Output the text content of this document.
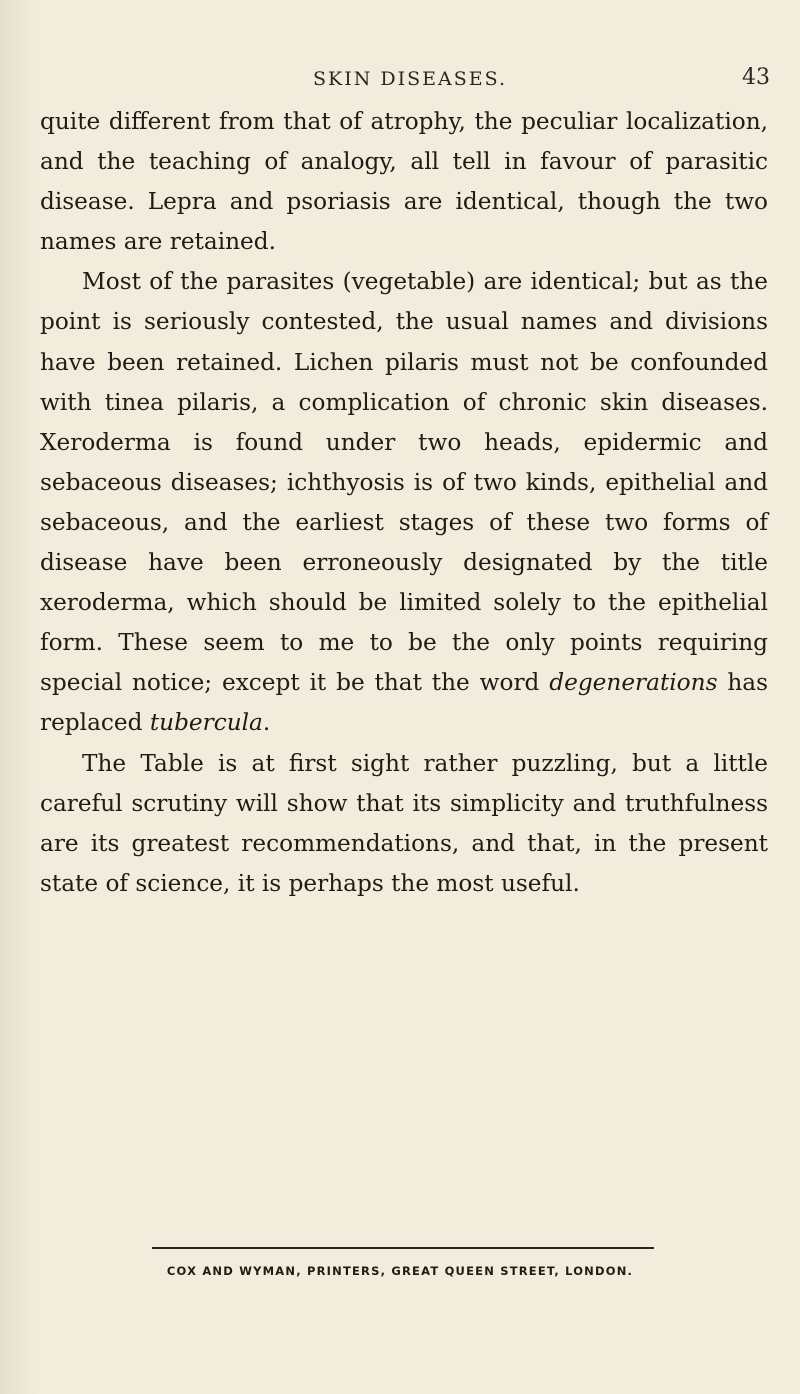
SKIN DISEASES.	43

quite different from that of atrophy, the peculiar localization, and the teaching of analogy, all tell in favour of parasitic disease. Lepra and psoriasis are identical, though the two names are retained.

Most of the parasites (vegetable) are identical; but as the point is seriously contested, the usual names and divisions have been retained. Lichen pilaris must not be confounded with tinea pilaris, a complication of chronic skin diseases. Xeroderma is found under two heads, epidermic and sebaceous diseases; ichthyosis is of two kinds, epithelial and sebaceous, and the earliest stages of these two forms of disease have been erroneously designated by the title xeroderma, which should be limited solely to the epithelial form. These seem to me to be the only points requiring special notice; except it be that the word degenerations has replaced tubercula.

The Table is at first sight rather puzzling, but a little careful scrutiny will show that its simplicity and truthfulness are its greatest recommendations, and that, in the present state of science, it is perhaps the most useful.

COX AND WYMAN, PRINTERS, GREAT QUEEN STREET, LONDON.
